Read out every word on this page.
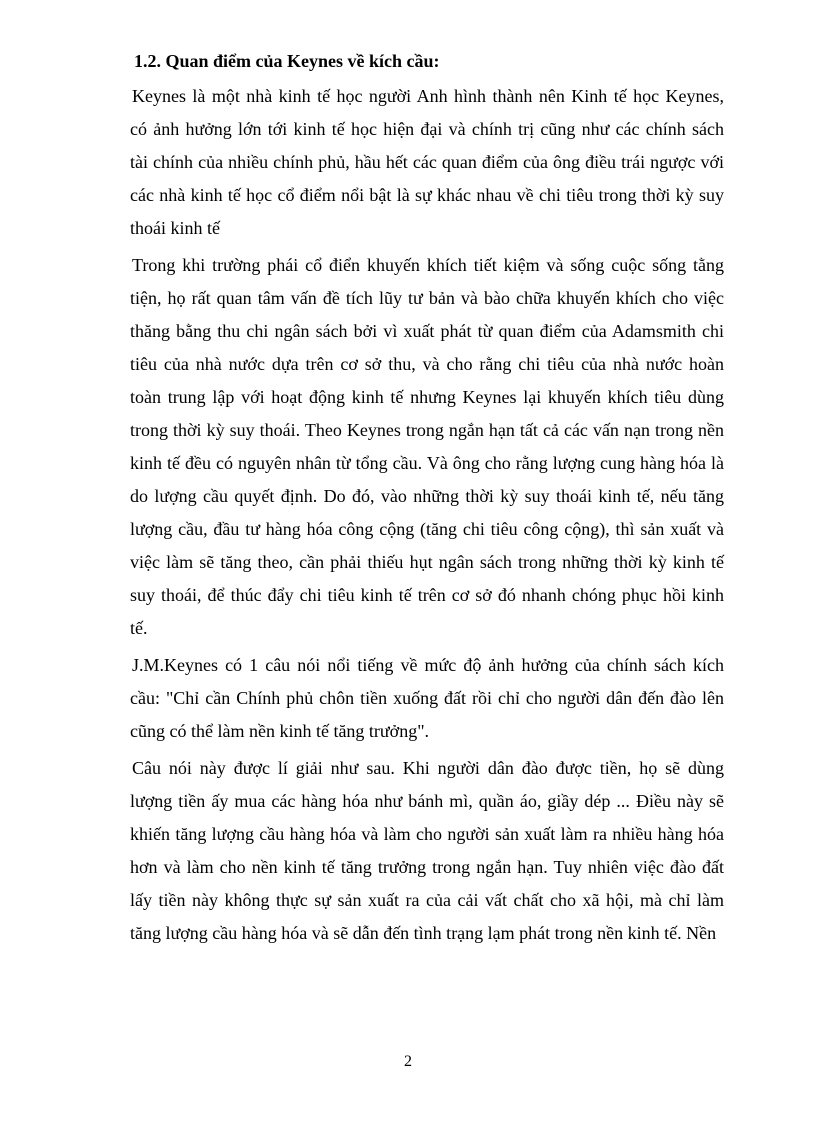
1.2. Quan điểm của Keynes về kích cầu:
Keynes là một nhà kinh tế học người Anh hình thành nên Kinh tế học Keynes,
có ảnh hưởng lớn tới kinh tế học hiện đại và chính trị cũng như các chính sách
tài chính của nhiều chính phủ, hầu hết các quan điểm của ông điều trái ngược với
các nhà kinh tế học cổ điểm nổi bật là sự khác nhau về chi tiêu trong thời kỳ suy
thoái kinh tế
Trong khi trường phái cổ điển khuyến khích tiết kiệm và sống cuộc sống tằng
tiện, họ rất quan tâm vấn đề tích lũy tư bản và bào chữa khuyến khích cho việc
thăng bằng thu chi ngân sách bởi vì xuất phát từ quan điểm của Adamsmith chi
tiêu của nhà nước dựa trên cơ sở thu, và cho rằng chi tiêu của nhà nước hoàn
toàn trung lập với hoạt động kinh tế nhưng Keynes lại khuyến khích tiêu dùng
trong thời kỳ suy thoái. Theo Keynes trong ngắn hạn tất cả các vấn nạn trong nền
kinh tế đều có nguyên nhân từ tổng cầu. Và ông cho rằng lượng cung hàng hóa là
do lượng cầu quyết định. Do đó, vào những thời kỳ suy thoái kinh tế, nếu tăng
lượng cầu, đầu tư hàng hóa công cộng (tăng chi tiêu công cộng), thì sản xuất và
việc làm sẽ tăng theo, cần phải thiếu hụt ngân sách trong những thời kỳ kinh tế
suy thoái, để thúc đẩy chi tiêu kinh tế trên cơ sở đó nhanh chóng phục hồi kinh
tế.
J.M.Keynes có 1 câu nói nổi tiếng về mức độ ảnh hưởng của chính sách kích
cầu: "Chỉ cần Chính phủ chôn tiền xuống đất rồi chỉ cho người dân đến đào lên
cũng có thể làm nền kinh tế tăng trưởng".
Câu nói này được lí giải như sau. Khi người dân đào được tiền, họ sẽ dùng
lượng tiền ấy mua các hàng hóa như bánh mì, quần áo, giầy dép ... Điều này sẽ
khiến tăng lượng cầu hàng hóa và làm cho người sản xuất làm ra nhiều hàng hóa
hơn và làm cho nền kinh tế tăng trưởng trong ngắn hạn. Tuy nhiên việc đào đất
lấy tiền này không thực sự sản xuất ra của cải vất chất cho xã hội, mà chỉ làm
tăng lượng cầu hàng hóa và sẽ dẫn đến tình trạng lạm phát trong nền kinh tế. Nền
2
